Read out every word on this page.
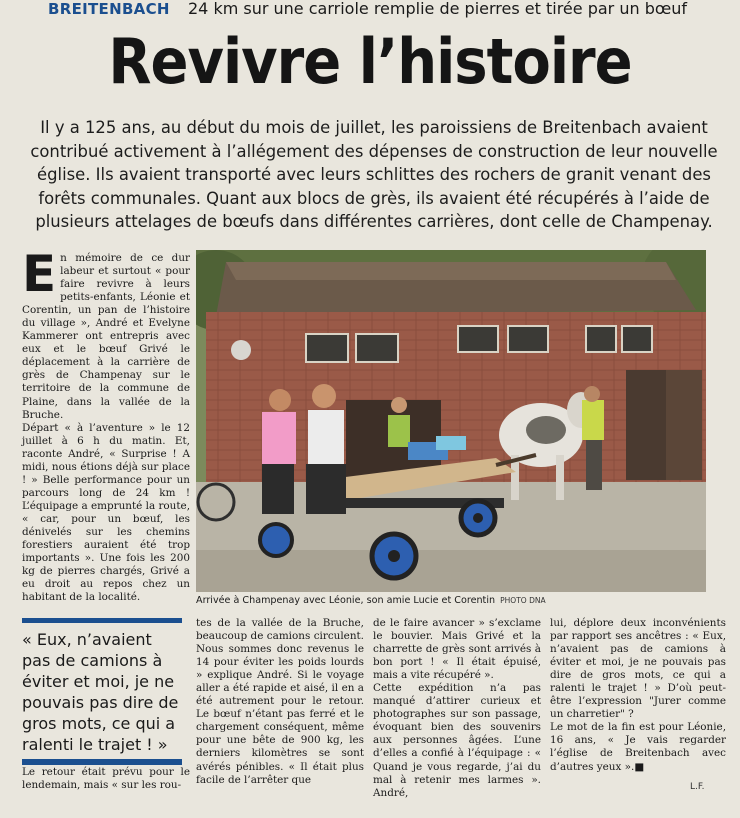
BREITENBACH 24 km sur une carriole remplie de pierres et tirée par un bœuf
Revivre l’histoire
Il y a 125 ans, au début du mois de juillet, les paroissiens de Breitenbach avaient contribué activement à l’allégement des dépenses de construction de leur nouvelle église. Ils avaient transporté avec leurs schlittes des rochers de granit venant des forêts communales. Quant aux blocs de grès, ils avaient été récupérés à l’aide de plusieurs attelages de bœufs dans différentes carrières, dont celle de Champenay.
E n mémoire de ce dur labeur et surtout « pour faire revivre à leurs petits-enfants, Léonie et Corentin, un pan de l’histoire du village », André et Evelyne Kammerer ont entrepris avec eux et le bœuf Grivé le déplacement à la carrière de grès de Champenay sur le territoire de la commune de Plaine, dans la vallée de la Bruche.

Départ « à l’aventure » le 12 juillet à 6 h du matin. Et, raconte André, « Surprise ! A midi, nous étions déjà sur place ! » Belle performance pour un parcours long de 24 km ! L’équipage a emprunté la route, « car, pour un bœuf, les dénivelés sur les chemins forestiers auraient été trop importants ». Une fois les 200 kg de pierres chargés, Grivé a eu droit au repos chez un habitant de la localité.	Arrivée à Champenay avec Léonie, son amie Lucie et Corentin PHOTO DNA
« Eux, n’avaient pas de camions à éviter et moi, je ne pouvais pas dire de gros mots, ce qui a ralenti le trajet ! »
Le retour était prévu pour le lendemain, mais « sur les rou-

tes de la vallée de la Bruche, beaucoup de camions circulent. Nous sommes donc revenus le 14 pour éviter les poids lourds » explique André. Si le voyage aller a été rapide et aisé, il en a été autrement pour le retour. Le bœuf n’étant pas ferré et le chargement conséquent, même pour une bête de 900 kg, les derniers kilomètres se sont avérés pénibles. « Il était plus facile de l’arrêter que

de le faire avancer » s’exclame le bouvier. Mais Grivé et la charrette de grès sont arrivés à bon port ! « Il était épuisé, mais a vite récupéré ».

Cette expédition n’a pas manqué d’attirer curieux et photographes sur son passage, évoquant bien des souvenirs aux personnes âgées. L’une d’elles a confié à l’équipage : « Quand je vous regarde, j’ai du mal à retenir mes larmes ». André,

lui, déplore deux inconvénients par rapport ses ancêtres : « Eux, n’avaient pas de camions à éviter et moi, je ne pouvais pas dire de gros mots, ce qui a ralenti le trajet ! » D’où peut-être l’expression "Jurer comme un charretier" ?

Le mot de la fin est pour Léonie, 16 ans, « Je vais regarder l’église de Breitenbach avec d’autres yeux ».■

L.F.
